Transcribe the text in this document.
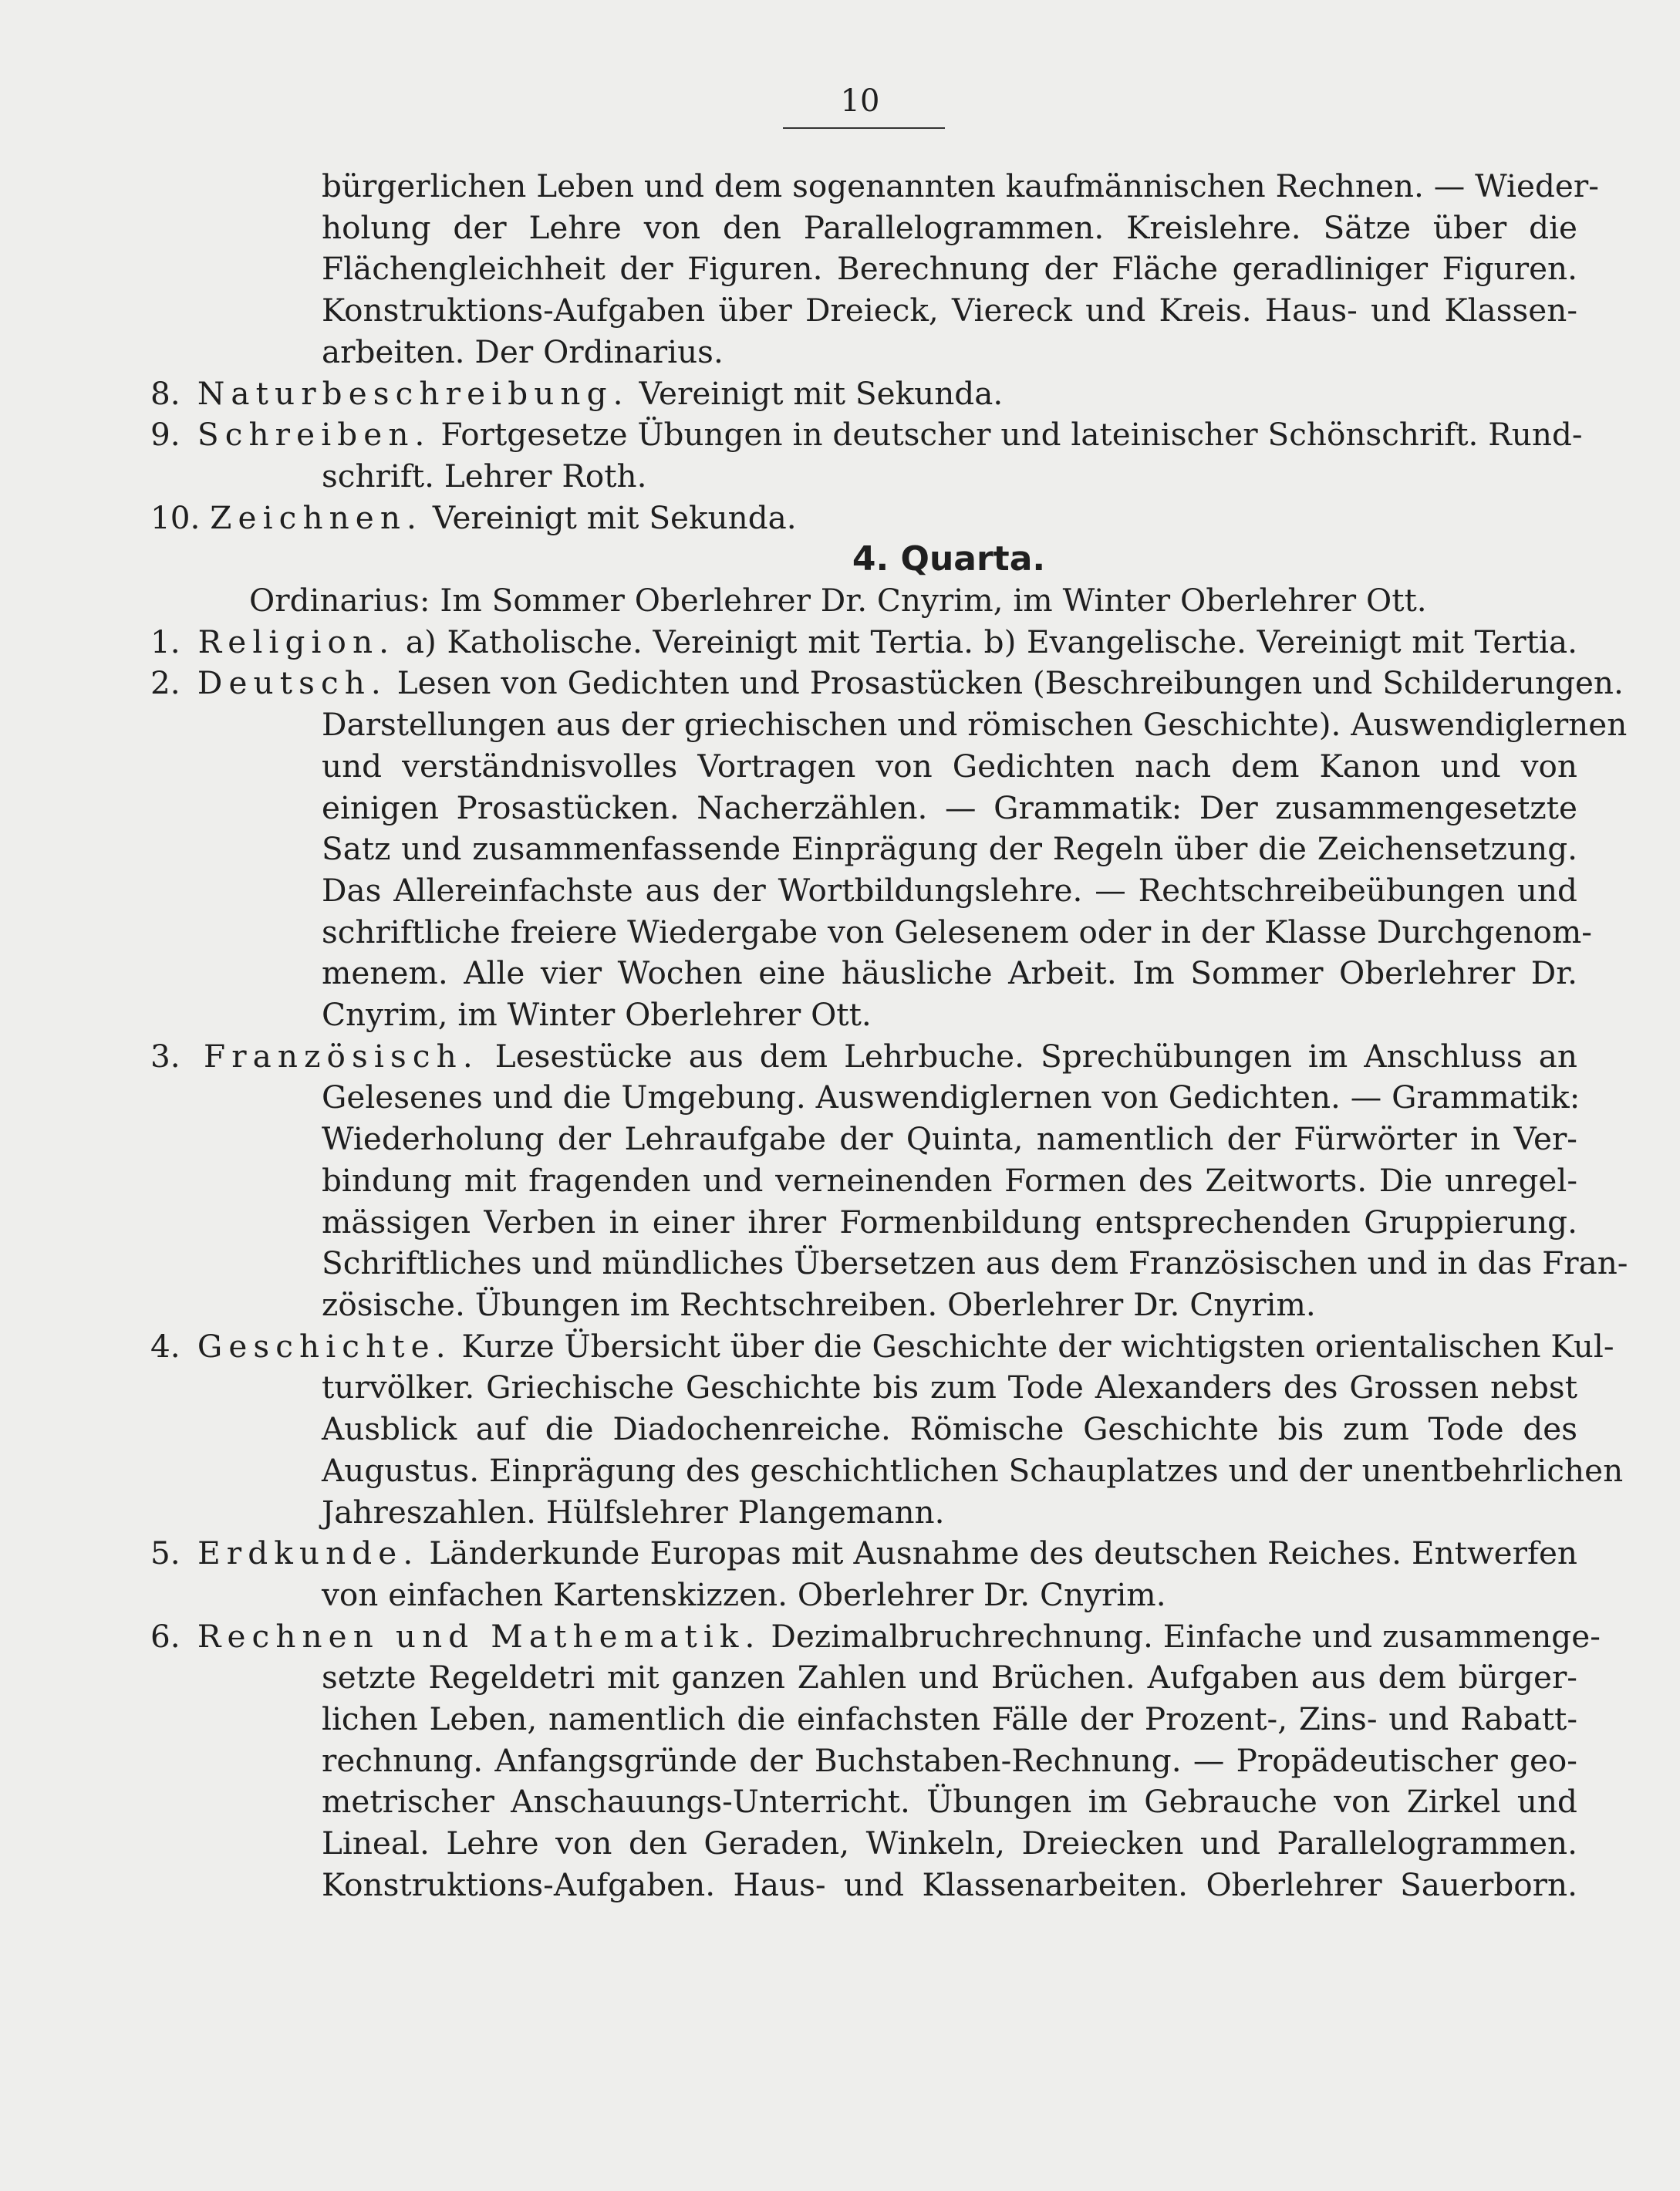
10
bürgerlichen Leben und dem sogenannten kaufmännischen Rechnen. — Wieder-
holung der Lehre von den Parallelogrammen. Kreislehre. Sätze über die
Flächengleichheit der Figuren. Berechnung der Fläche geradliniger Figuren.
Konstruktions-Aufgaben über Dreieck, Viereck und Kreis. Haus- und Klassen-
arbeiten. Der Ordinarius.
8. Naturbeschreibung. Vereinigt mit Sekunda.
9. Schreiben. Fortgesetze Übungen in deutscher und lateinischer Schönschrift. Rund-
schrift. Lehrer Roth.
10. Zeichnen. Vereinigt mit Sekunda.
4. Quarta.
Ordinarius: Im Sommer Oberlehrer Dr. Cnyrim, im Winter Oberlehrer Ott.
1. Religion. a) Katholische. Vereinigt mit Tertia. b) Evangelische. Vereinigt mit Tertia.
2. Deutsch. Lesen von Gedichten und Prosastücken (Beschreibungen und Schilderungen.
Darstellungen aus der griechischen und römischen Geschichte). Auswendiglernen
und verständnisvolles Vortragen von Gedichten nach dem Kanon und von
einigen Prosastücken. Nacherzählen. — Grammatik: Der zusammengesetzte
Satz und zusammenfassende Einprägung der Regeln über die Zeichensetzung.
Das Allereinfachste aus der Wortbildungslehre. — Rechtschreibeübungen und
schriftliche freiere Wiedergabe von Gelesenem oder in der Klasse Durchgenom-
menem. Alle vier Wochen eine häusliche Arbeit. Im Sommer Oberlehrer Dr.
Cnyrim, im Winter Oberlehrer Ott.
3. Französisch. Lesestücke aus dem Lehrbuche. Sprechübungen im Anschluss an
Gelesenes und die Umgebung. Auswendiglernen von Gedichten. — Grammatik:
Wiederholung der Lehraufgabe der Quinta, namentlich der Fürwörter in Ver-
bindung mit fragenden und verneinenden Formen des Zeitworts. Die unregel-
mässigen Verben in einer ihrer Formenbildung entsprechenden Gruppierung.
Schriftliches und mündliches Übersetzen aus dem Französischen und in das Fran-
zösische. Übungen im Rechtschreiben. Oberlehrer Dr. Cnyrim.
4. Geschichte. Kurze Übersicht über die Geschichte der wichtigsten orientalischen Kul-
turvölker. Griechische Geschichte bis zum Tode Alexanders des Grossen nebst
Ausblick auf die Diadochenreiche. Römische Geschichte bis zum Tode des
Augustus. Einprägung des geschichtlichen Schauplatzes und der unentbehrlichen
Jahreszahlen. Hülfslehrer Plangemann.
5. Erdkunde. Länderkunde Europas mit Ausnahme des deutschen Reiches. Entwerfen
von einfachen Kartenskizzen. Oberlehrer Dr. Cnyrim.
6. Rechnen und Mathematik. Dezimalbruchrechnung. Einfache und zusammenge-
setzte Regeldetri mit ganzen Zahlen und Brüchen. Aufgaben aus dem bürger-
lichen Leben, namentlich die einfachsten Fälle der Prozent-, Zins- und Rabatt-
rechnung. Anfangsgründe der Buchstaben-Rechnung. — Propädeutischer geo-
metrischer Anschauungs-Unterricht. Übungen im Gebrauche von Zirkel und
Lineal. Lehre von den Geraden, Winkeln, Dreiecken und Parallelogrammen.
Konstruktions-Aufgaben. Haus- und Klassenarbeiten. Oberlehrer Sauerborn.
